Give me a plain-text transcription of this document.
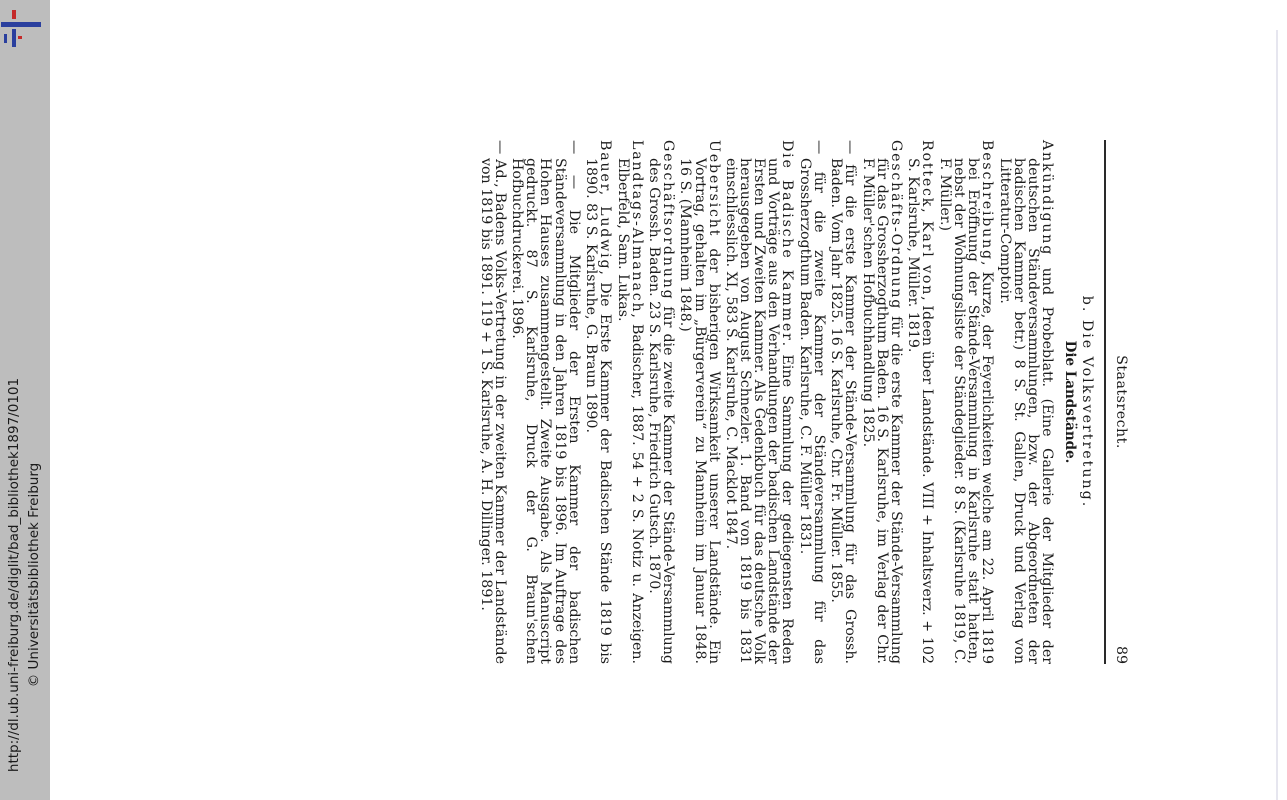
http://dl.ub.uni-freiburg.de/diglit/bad_bibliothek1897/0101 © Universitätsbibliothek Freiburg
Staatsrecht.
89
b. Die Volksvertretung.
Die Landstände.
Ankündigung und Probeblatt. (Eine Gallerie der Mitglieder der deutschen Ständeversammlungen, bzw. der Abgeordneten der badischen Kammer betr.) 8 S. St. Gallen, Druck und Verlag von Litteratur-Comptoir.
Beschreibung, Kurze, der Feyerlichkeiten welche am 22. April 1819 bei Eröffnung der Stände-Versammlung in Karlsruhe statt hatten, nebst der Wohnungsliste der Ständeglieder. 8 S. (Karlsruhe 1819, C. F. Müller.)
Rotteck, Karl von, Ideen über Landstände. VIII + Inhaltsverz. + 102 S. Karlsruhe, Müller. 1819.
Geschäfts-Ordnung für die erste Kammer der Stände-Versammlung für das Grossherzogthum Baden. 16 S. Karlsruhe, im Verlag der Chr. F. Müller'schen Hofbuchhandlung 1825.
— für die erste Kammer der Stände-Versammlung für das Grossh. Baden. Vom Jahr 1825. 16 S. Karlsruhe, Chr. Fr. Müller. 1855.
— für die zweite Kammer der Ständeversammlung für das Grossherzogthum Baden. Karlsruhe, C. F. Müller 1831.
Die Badische Kammer. Eine Sammlung der gediegensten Reden und Vorträge aus den Verhandlungen der badischen Landstände der Ersten und Zweiten Kammer. Als Gedenkbuch für das deutsche Volk herausgegeben von August Schnezler. 1. Band von 1819 bis 1831 einschliesslich. XI, 583 S. Karlsruhe, C. Macklot 1847.
Uebersicht der bisherigen Wirksamkeit unserer Landstände. Ein Vortrag, gehalten im „Bürgerverein“ zu Mannheim im Januar 1848. 16 S. (Mannheim 1848.)
Geschäftsordnung für die zweite Kammer der Stände-Versammlung des Grossh. Baden. 23 S. Karlsruhe, Friedrich Gutsch. 1870.
Landtags-Almanach, Badischer, 1887. 54 + 2 S. Notiz u. Anzeigen. Elberfeld, Sam. Lukas.
Bauer, Ludwig, Die Erste Kammer der Badischen Stände 1819 bis 1890. 83 S. Karlsruhe, G. Braun 1890.
— — Die Mitglieder der Ersten Kammer der badischen Ständeversammlung in den Jahren 1819 bis 1896. Im Auftrage des Hohen Hauses zusammengestellt. Zweite Ausgabe. Als Manuscript gedruckt. 87 S. Karlsruhe, Druck der G. Braun'schen Hofbuchdruckerei. 1896.
— Ad., Badens Volks-Vertretung in der zweiten Kammer der Landstände von 1819 bis 1891. 119 + 1 S. Karlsruhe, A. H. Dillinger. 1891.
